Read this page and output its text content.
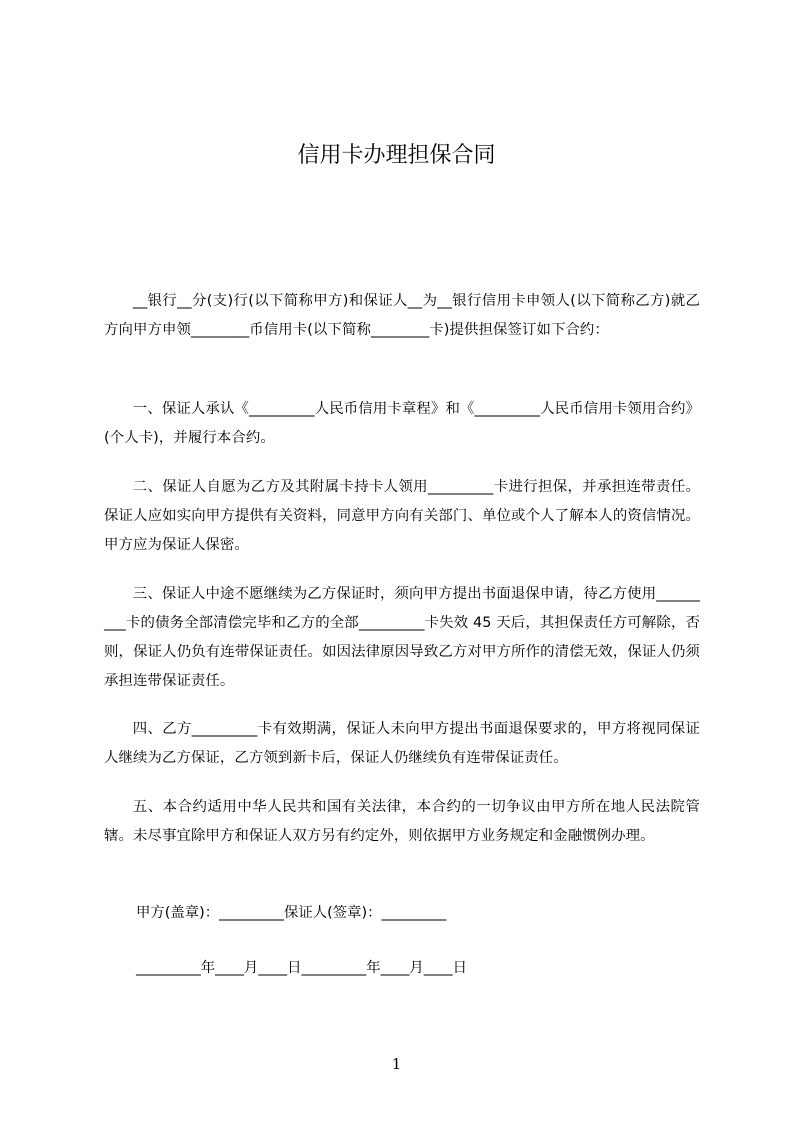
信用卡办理担保合同

__银行__分(支)行(以下简称甲方)和保证人__为__银行信用卡申领人(以下简称乙方)就乙方向甲方申领________币信用卡(以下简称________卡)提供担保签订如下合约：

一、保证人承认《_________人民币信用卡章程》和《_________人民币信用卡领用合约》(个人卡)，并履行本合约。

二、保证人自愿为乙方及其附属卡持卡人领用_________卡进行担保，并承担连带责任。保证人应如实向甲方提供有关资料，同意甲方向有关部门、单位或个人了解本人的资信情况。甲方应为保证人保密。

三、保证人中途不愿继续为乙方保证时，须向甲方提出书面退保申请，待乙方使用_________卡的债务全部清偿完毕和乙方的全部_________卡失效 45 天后，其担保责任方可解除，否则，保证人仍负有连带保证责任。如因法律原因导致乙方对甲方所作的清偿无效，保证人仍须承担连带保证责任。

四、乙方_________卡有效期满，保证人未向甲方提出书面退保要求的，甲方将视同保证人继续为乙方保证，乙方领到新卡后，保证人仍继续负有连带保证责任。

五、本合约适用中华人民共和国有关法律，本合约的一切争议由甲方所在地人民法院管辖。未尽事宜除甲方和保证人双方另有约定外，则依据甲方业务规定和金融惯例办理。

甲方(盖章)：_________保证人(签章)：_________
_________年____月____日_________年____月____日
1
